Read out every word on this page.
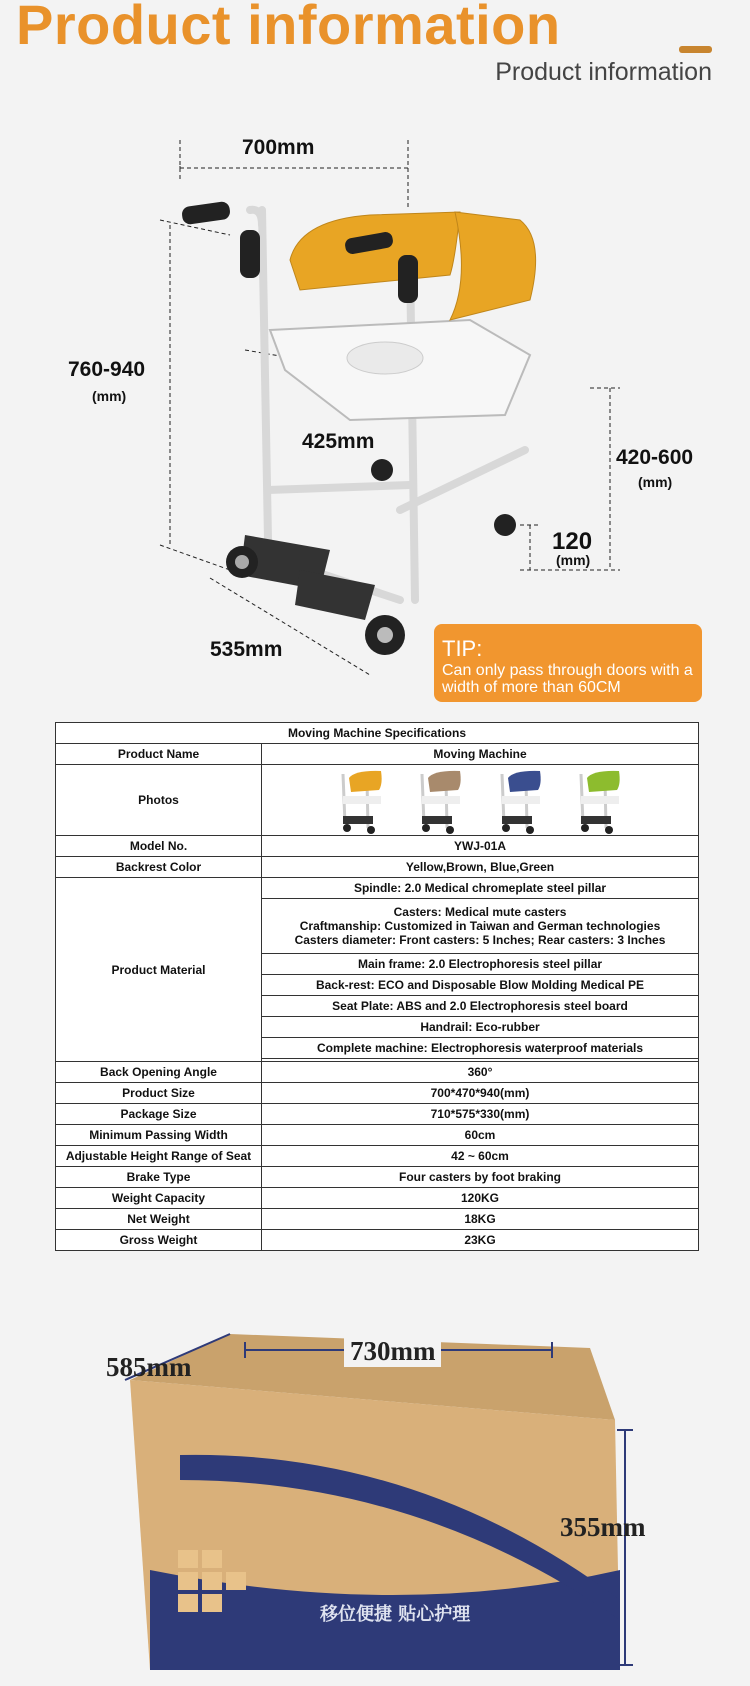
Product information
Product information
700mm
760-940
(mm)
425mm
420-600
(mm)
120
(mm)
535mm	TIP:
Can only pass through doors with a width of more than 60CM
Moving Machine Specifications	
Product Name	Moving Machine
Photos	
Model No.	YWJ-01A
Backrest Color	Yellow,Brown, Blue,Green
Product Material	Spindle: 2.0 Medical chromeplate steel pillar

	Casters: Medical mute casters
Craftmanship: Customized in Taiwan and German technologies
Casters diameter: Front casters: 5 Inches; Rear casters: 3 Inches

	Main frame: 2.0 Electrophoresis steel pillar
	Back-rest: ECO and Disposable Blow Molding Medical PE
	Seat Plate: ABS and 2.0 Electrophoresis steel board
	Handrail: Eco-rubber
	Complete machine: Electrophoresis waterproof materials

Back Opening Angle	360°
Product Size	700*470*940(mm)
Package Size	710*575*330(mm)
Minimum Passing Width	60cm
Adjustable Height Range of Seat	42 ~ 60cm
Brake Type	Four casters by foot braking
Weight Capacity	120KG
Net Weight	18KG
Gross Weight	23KG
移位便捷 贴心护理
585mm
730mm
355mm
